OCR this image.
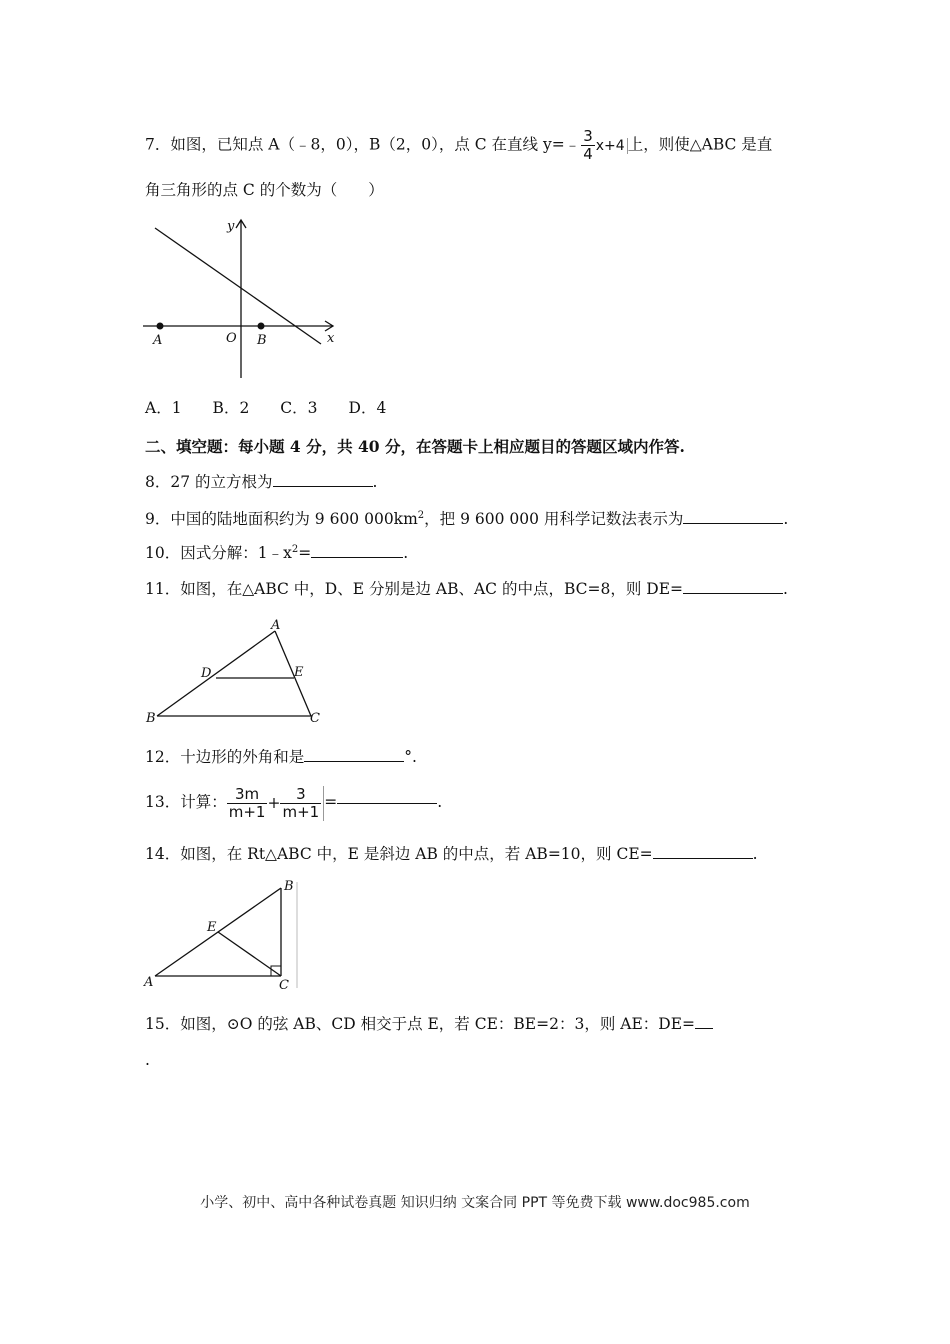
7．如图，已知点 A（﹣8，0），B（2，0），点 C 在直线 y=﹣ $\frac{3}{4} x+4$ 上，则使△ABC 是直
角三角形的点 C 的个数为（　　）
y
x
A	O B
A．1　　B．2　　C．3　　D．4
二、填空题：每小题 4 分，共 40 分，在答题卡上相应题目的答题区域内作答.
8．27 的立方根为	.
9．中国的陆地面积约为 9 600 $000km^2$，把 9 600 000 用科学记数法表示为	.
10．因式分解：$1﹣x^2=$	.
11．如图，在△ABC 中，D、E 分别是边 AB、AC 的中点，BC=8，则 DE=	.
A
B	C
D	E
12．十边形的外角和是	°.
13．计算： $\frac{3m}{m+1} + \frac{3}{m+1}$ =	.
14．如图，在 Rt△ABC 中，E 是斜边 AB 的中点，若 AB=10，则 CE=	.
B
A	C
E
15．如图，⊙O 的弦 AB、CD 相交于点 E，若 CE：BE=2：3，则 AE：DE=
.
小学、初中、高中各种试卷真题 知识归纳 文案合同 PPT 等免费下载 www.doc985.com
